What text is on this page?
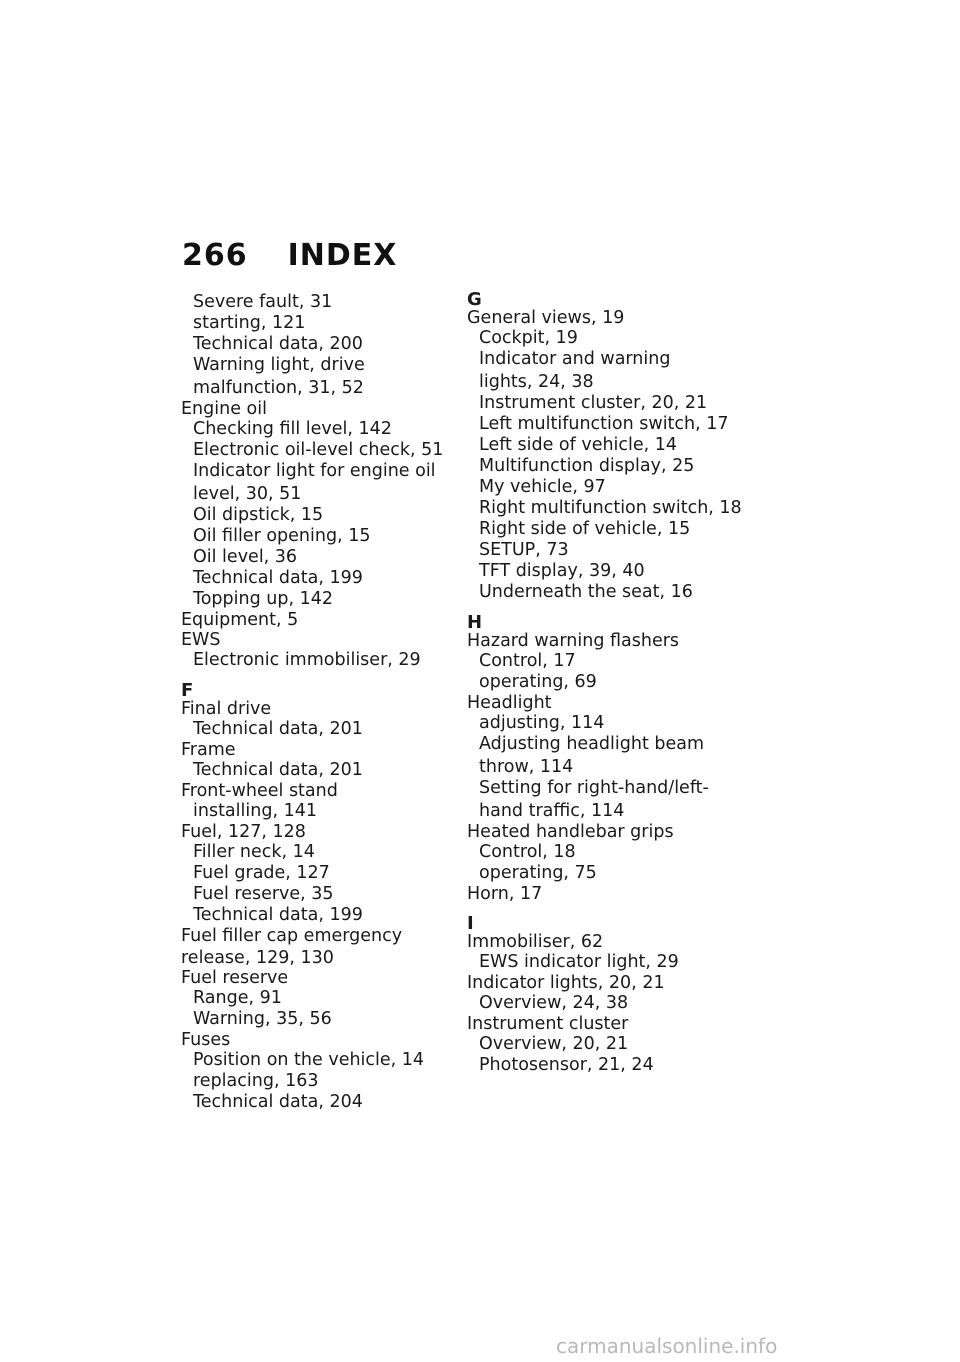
266 INDEX
Severe fault, 31
starting, 121
Technical data, 200
Warning light, drive
malfunction, 31, 52
Engine oil
Checking fill level, 142
Electronic oil-level check, 51
Indicator light for engine oil
level, 30, 51
Oil dipstick, 15
Oil filler opening, 15
Oil level, 36
Technical data, 199
Topping up, 142
Equipment, 5
EWS
Electronic immobiliser, 29
F
Final drive
Technical data, 201
Frame
Technical data, 201
Front-wheel stand
installing, 141
Fuel, 127, 128
Filler neck, 14
Fuel grade, 127
Fuel reserve, 35
Technical data, 199
Fuel filler cap emergency
release, 129, 130
Fuel reserve
Range, 91
Warning, 35, 56
Fuses
Position on the vehicle, 14
replacing, 163
Technical data, 204
G
General views, 19
Cockpit, 19
Indicator and warning
lights, 24, 38
Instrument cluster, 20, 21
Left multifunction switch, 17
Left side of vehicle, 14
Multifunction display, 25
My vehicle, 97
Right multifunction switch, 18
Right side of vehicle, 15
SETUP, 73
TFT display, 39, 40
Underneath the seat, 16
H
Hazard warning flashers
Control, 17
operating, 69
Headlight
adjusting, 114
Adjusting headlight beam
throw, 114
Setting for right-hand/left-
hand traffic, 114
Heated handlebar grips
Control, 18
operating, 75
Horn, 17
I
Immobiliser, 62
EWS indicator light, 29
Indicator lights, 20, 21
Overview, 24, 38
Instrument cluster
Overview, 20, 21
Photosensor, 21, 24
carmanualsonline.info
